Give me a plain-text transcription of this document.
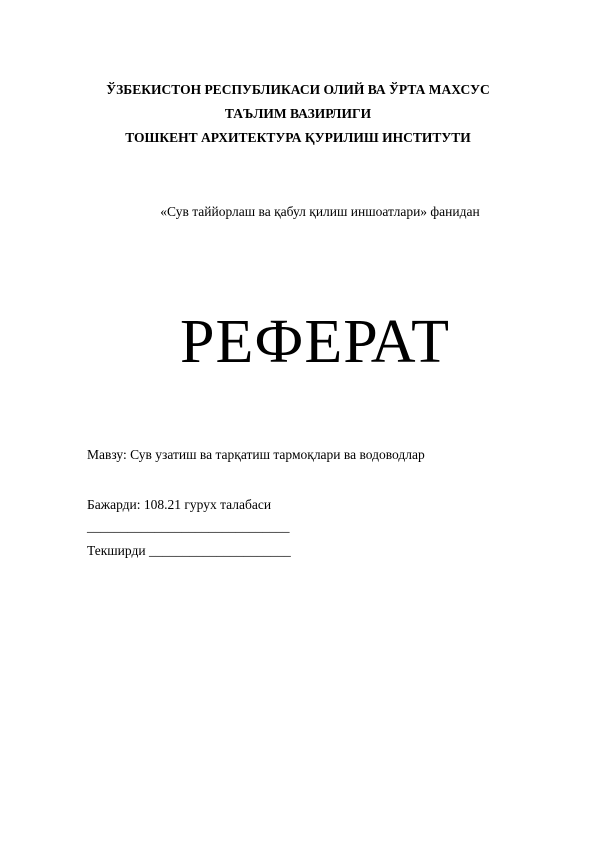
ЎЗБЕКИСТОН РЕСПУБЛИКАСИ ОЛИЙ ВА ЎРТА МАХСУС
ТАЪЛИМ ВАЗИРЛИГИ
ТОШКЕНТ АРХИТЕКТУРА ҚУРИЛИШ ИНСТИТУТИ
«Сув таййорлаш ва қабул қилиш иншоатлари» фанидан
РЕФЕРАТ
Мавзу: Сув узатиш ва тарқатиш тармоқлари ва водоводлар
Бажарди: 108.21 гурух талабаси
______________________________
Текширди _____________________
